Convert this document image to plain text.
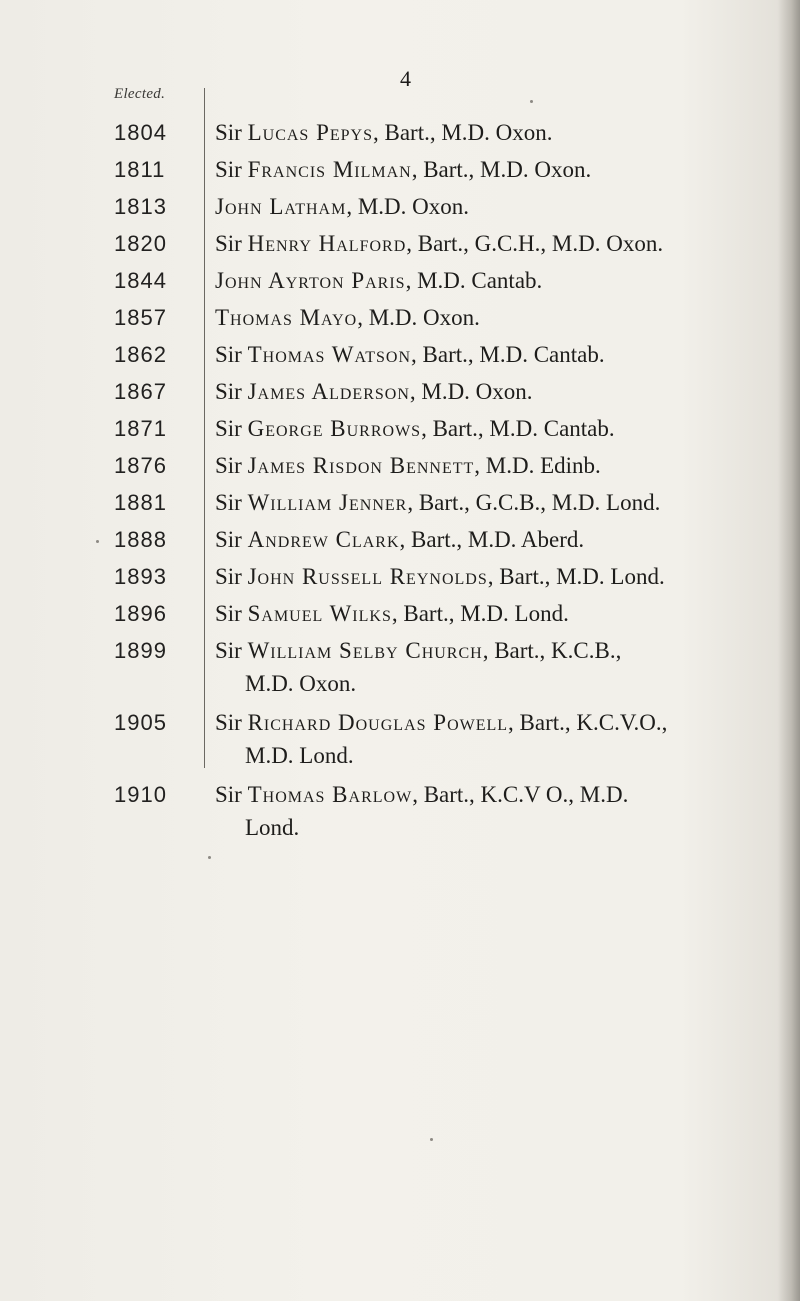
4
Elected.
1804	Sir Lucas Pepys, Bart., M.D. Oxon.
1811	Sir Francis Milman, Bart., M.D. Oxon.
1813	John Latham, M.D. Oxon.
1820	Sir Henry Halford, Bart., G.C.H., M.D. Oxon.
1844	John Ayrton Paris, M.D. Cantab.
1857	Thomas Mayo, M.D. Oxon.
1862	Sir Thomas Watson, Bart., M.D. Cantab.
1867	Sir James Alderson, M.D. Oxon.
1871	Sir George Burrows, Bart., M.D. Cantab.
1876	Sir James Risdon Bennett, M.D. Edinb.
1881	Sir William Jenner, Bart., G.C.B., M.D. Lond.
1888	Sir Andrew Clark, Bart., M.D. Aberd.
1893	Sir John Russell Reynolds, Bart., M.D. Lond.
1896	Sir Samuel Wilks, Bart., M.D. Lond.
1899	Sir William Selby Church, Bart., K.C.B.,
M.D. Oxon.
1905	Sir Richard Douglas Powell, Bart., K.C.V.O.,
M.D. Lond.
1910	Sir Thomas Barlow, Bart., K.C.V O., M.D.
Lond.
